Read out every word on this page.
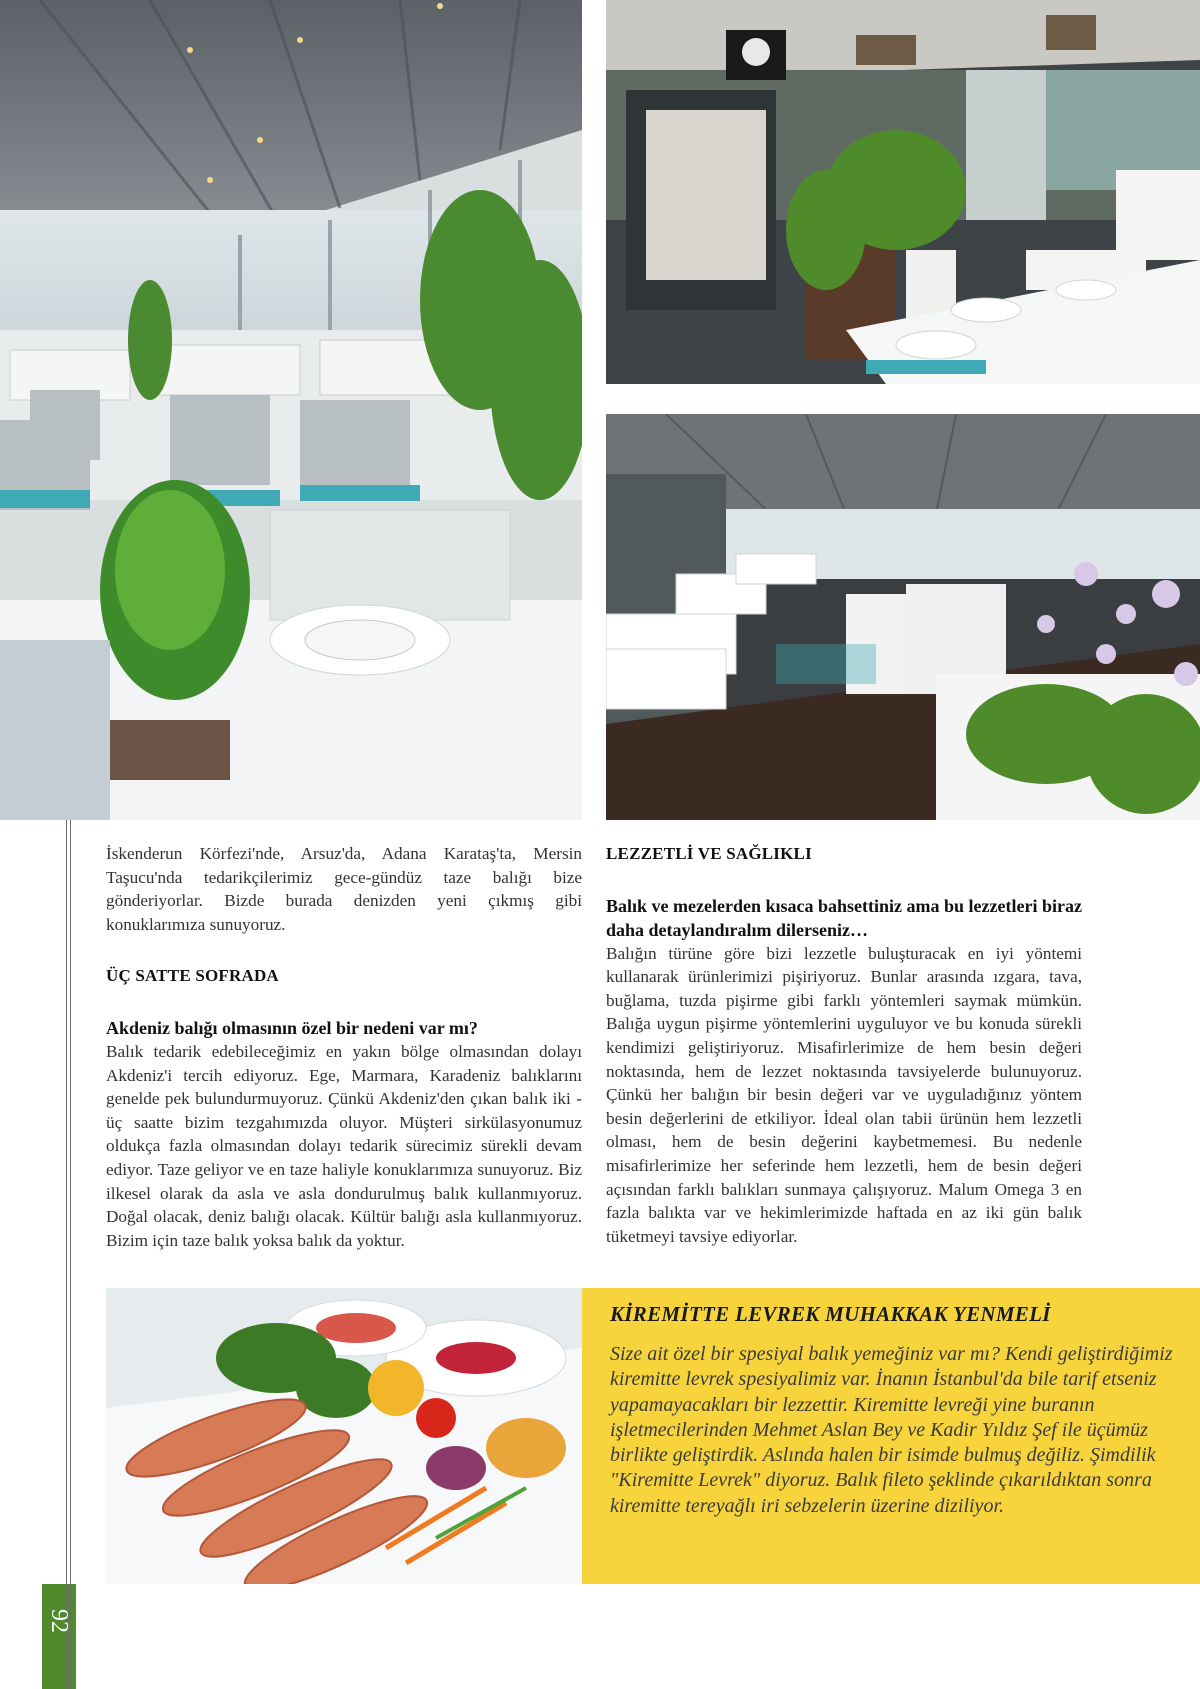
92

İskenderun Körfezi'nde, Arsuz'da, Adana Karataş'ta, Mersin Taşucu'nda tedarikçilerimiz gece-gündüz taze balığı bize gönderiyorlar. Bizde burada denizden yeni çıkmış gibi konuklarımıza sunuyoruz.

ÜÇ SATTE SOFRADA
Akdeniz balığı olmasının özel bir nedeni var mı?

Balık tedarik edebileceğimiz en yakın bölge olmasından dolayı Akdeniz'i tercih ediyoruz. Ege, Marmara, Karadeniz balıklarını genelde pek bulundurmuyoruz. Çünkü Akdeniz'den çıkan balık iki - üç saatte bizim tezgahımızda oluyor. Müşteri sirkülasyonumuz oldukça fazla olmasından dolayı tedarik sürecimiz sürekli devam ediyor. Taze geliyor ve en taze haliyle konuklarımıza sunuyoruz. Biz ilkesel olarak da asla ve asla dondurulmuş balık kullanmıyoruz. Doğal olacak, deniz balığı olacak. Kültür balığı asla kullanmıyoruz. Bizim için taze balık yoksa balık da yoktur.

LEZZETLİ VE SAĞLIKLI
Balık ve mezelerden kısaca bahsettiniz ama bu lezzetleri biraz daha detaylandıralım dilerseniz…

Balığın türüne göre bizi lezzetle buluşturacak en iyi yöntemi kullanarak ürünlerimizi pişiriyoruz. Bunlar arasında ızgara, tava, buğlama, tuzda pişirme gibi farklı yöntemleri saymak mümkün. Balığa uygun pişirme yöntemlerini uyguluyor ve bu konuda sürekli kendimizi geliştiriyoruz. Misafirlerimize de hem besin değeri noktasında, hem de lezzet noktasında tavsiyelerde bulunuyoruz. Çünkü her balığın bir besin değeri var ve uyguladığınız yöntem besin değerlerini de etkiliyor. İdeal olan tabii ürünün hem lezzetli olması, hem de besin değerini kaybetmemesi. Bu nedenle misafirlerimize her seferinde hem lezzetli, hem de besin değeri açısından farklı balıkları sunmaya çalışıyoruz. Malum Omega 3 en fazla balıkta var ve hekimlerimizde haftada en az iki gün balık tüketmeyi tavsiye ediyorlar.

KİREMİTTE LEVREK MUHAKKAK YENMELİ

Size ait özel bir spesiyal balık yemeğiniz var mı? Kendi geliştirdiğimiz kiremitte levrek spesiyalimiz var. İnanın İstanbul'da bile tarif etseniz yapamayacakları bir lezzettir. Kiremitte levreği yine buranın işletmecilerinden Mehmet Aslan Bey ve Kadir Yıldız Şef ile üçümüz birlikte geliştirdik. Aslında halen bir isimde bulmuş değiliz. Şimdilik "Kiremitte Levrek" diyoruz. Balık fileto şeklinde çıkarıldıktan sonra kiremitte tereyağlı iri sebzelerin üzerine diziliyor.
